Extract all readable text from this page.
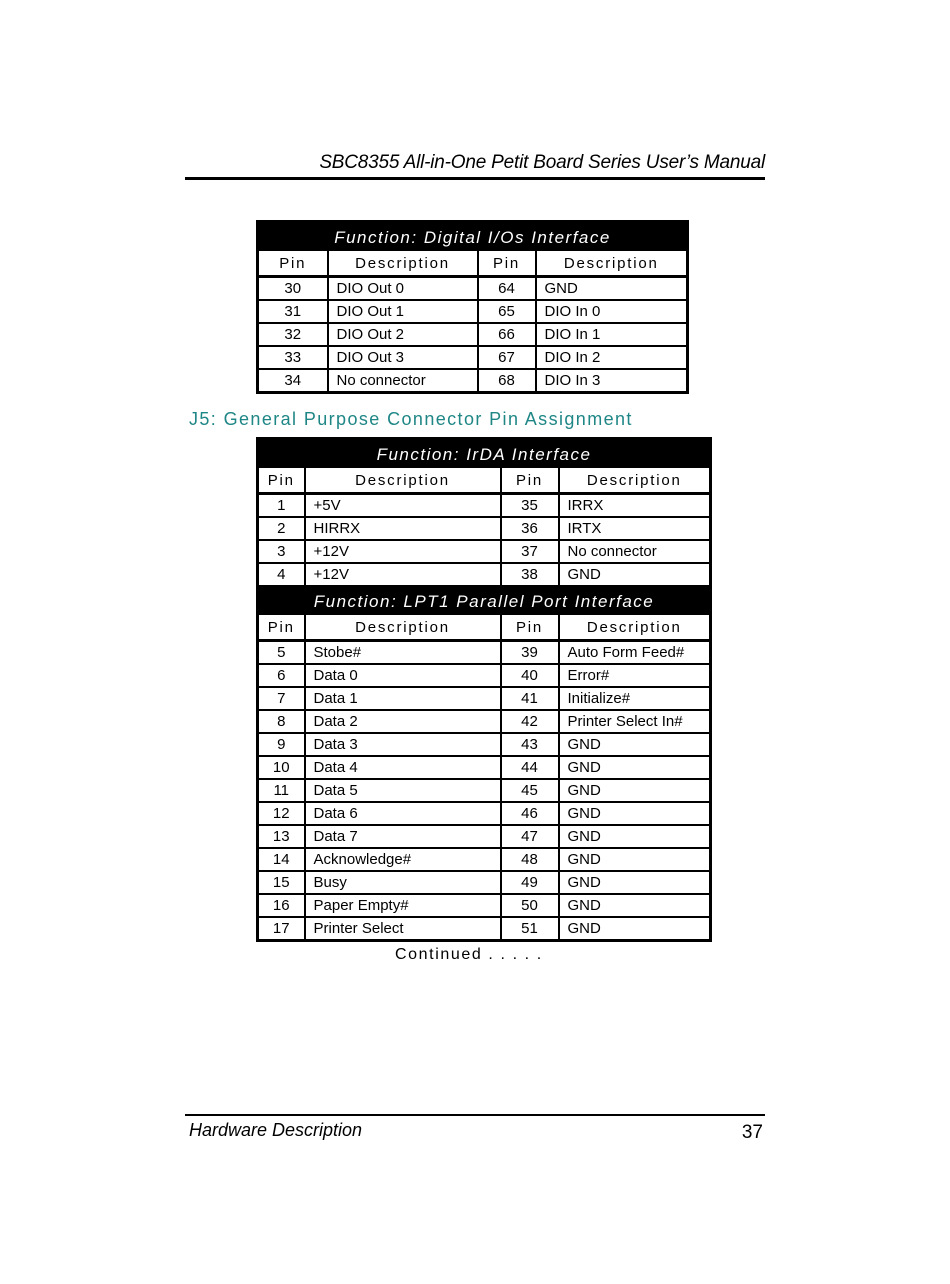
SBC8355 All-in-One Petit Board Series User’s Manual
Function: Digital I/Os Interface			
Pin	Description	Pin	Description
30	DIO Out 0	64	GND
31	DIO Out 1	65	DIO In 0
32	DIO Out 2	66	DIO In 1
33	DIO Out 3	67	DIO In 2
34	No connector	68	DIO In 3
J5: General Purpose Connector Pin Assignment
Function: IrDA Interface			
Pin	Description	Pin	Description
1	+5V	35	IRRX
2	HIRRX	36	IRTX
3	+12V	37	No connector
4	+12V	38	GND
Function: LPT1 Parallel Port Interface			
Pin	Description	Pin	Description
5	Stobe#	39	Auto Form Feed#
6	Data 0	40	Error#
7	Data 1	41	Initialize#
8	Data 2	42	Printer Select In#
9	Data 3	43	GND
10	Data 4	44	GND
11	Data 5	45	GND
12	Data 6	46	GND
13	Data 7	47	GND
14	Acknowledge#	48	GND
15	Busy	49	GND
16	Paper Empty#	50	GND
17	Printer Select	51	GND
Continued . . . . .
Hardware Description	37
